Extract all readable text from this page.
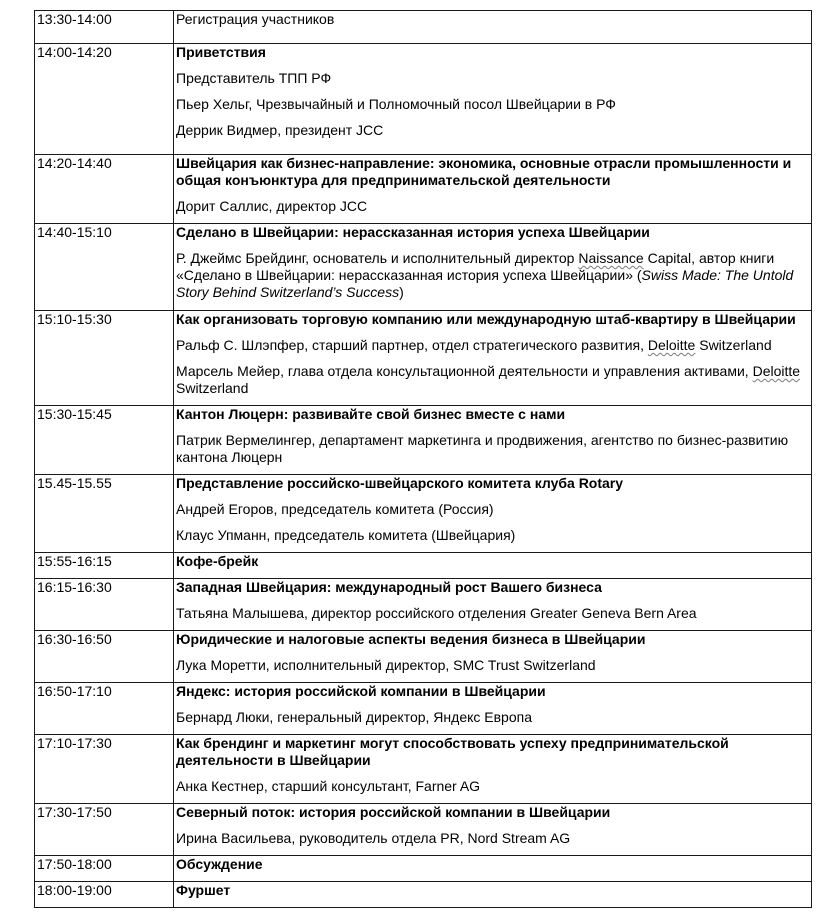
13:30-14:00	Регистрация участников

14:00-14:20	Приветствия
Представитель ТПП РФ
Пьер Хельг, Чрезвычайный и Полномочный посол Швейцарии в РФ
Деррик Видмер, президент JCC

14:20-14:40	Швейцария как бизнес-направление: экономика, основные отрасли промышленности и общая конъюнктура для предпринимательской деятельности
Дорит Саллис, директор JCC

14:40-15:10	Сделано в Швейцарии: нерассказанная история успеха Швейцарии
Р. Джеймс Брейдинг, основатель и исполнительный директор Naissance Capital, автор книги «Сделано в Швейцарии: нерассказанная история успеха Швейцарии» (Swiss Made: The Untold Story Behind Switzerland’s Success)

15:10-15:30	Как организовать торговую компанию или международную штаб-квартиру в Швейцарии
Ральф С. Шлэпфер, старший партнер, отдел стратегического развития, Deloitte Switzerland
Марсель Мейер, глава отдела консультационной деятельности и управления активами, Deloitte Switzerland

15:30-15:45	Кантон Люцерн: развивайте свой бизнес вместе с нами
Патрик Вермелингер, департамент маркетинга и продвижения, агентство по бизнес-развитию кантона Люцерн

15.45-15.55	Представление российско-швейцарского комитета клуба Rotary
Андрей Егоров, председатель комитета (Россия)
Клаус Упманн, председатель комитета (Швейцария)

15:55-16:15	Кофе-брейк

16:15-16:30	Западная Швейцария: международный рост Вашего бизнеса
Татьяна Малышева, директор российского отделения Greater Geneva Bern Area

16:30-16:50	Юридические и налоговые аспекты ведения бизнеса в Швейцарии
Лука Моретти, исполнительный директор, SMC Trust Switzerland

16:50-17:10	Яндекс: история российской компании в Швейцарии
Бернард Люки, генеральный директор, Яндекс Европа

17:10-17:30	Как брендинг и маркетинг могут способствовать успеху предпринимательской деятельности в Швейцарии
Анка Кестнер, старший консультант, Farner AG

17:30-17:50	Северный поток: история российской компании в Швейцарии
Ирина Васильева, руководитель отдела PR, Nord Stream AG

17:50-18:00	Обсуждение

18:00-19:00	Фуршет
